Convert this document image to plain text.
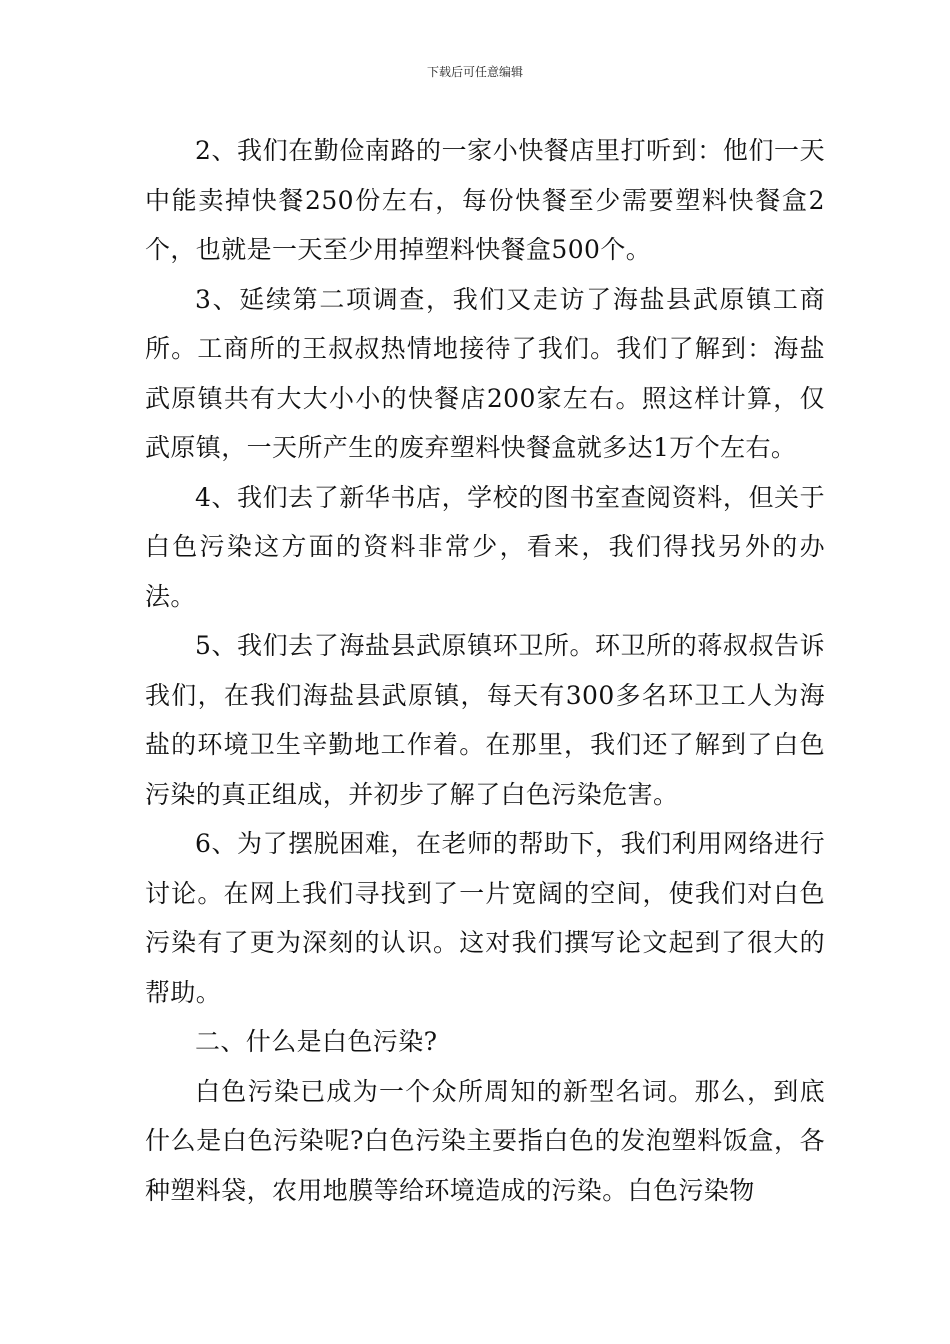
下载后可任意编辑

2、我们在勤俭南路的一家小快餐店里打听到：他们一天中能卖掉快餐250份左右，每份快餐至少需要塑料快餐盒2个，也就是一天至少用掉塑料快餐盒500个。

3、延续第二项调查，我们又走访了海盐县武原镇工商所。工商所的王叔叔热情地接待了我们。我们了解到：海盐武原镇共有大大小小的快餐店200家左右。照这样计算，仅武原镇，一天所产生的废弃塑料快餐盒就多达1万个左右。

4、我们去了新华书店，学校的图书室查阅资料，但关于白色污染这方面的资料非常少，看来，我们得找另外的办法。

5、我们去了海盐县武原镇环卫所。环卫所的蒋叔叔告诉我们，在我们海盐县武原镇，每天有300多名环卫工人为海盐的环境卫生辛勤地工作着。在那里，我们还了解到了白色污染的真正组成，并初步了解了白色污染危害。

6、为了摆脱困难，在老师的帮助下，我们利用网络进行讨论。在网上我们寻找到了一片宽阔的空间，使我们对白色污染有了更为深刻的认识。这对我们撰写论文起到了很大的帮助。

二、什么是白色污染?

白色污染已成为一个众所周知的新型名词。那么，到底什么是白色污染呢?白色污染主要指白色的发泡塑料饭盒，各种塑料袋，农用地膜等给环境造成的污染。白色污染物
